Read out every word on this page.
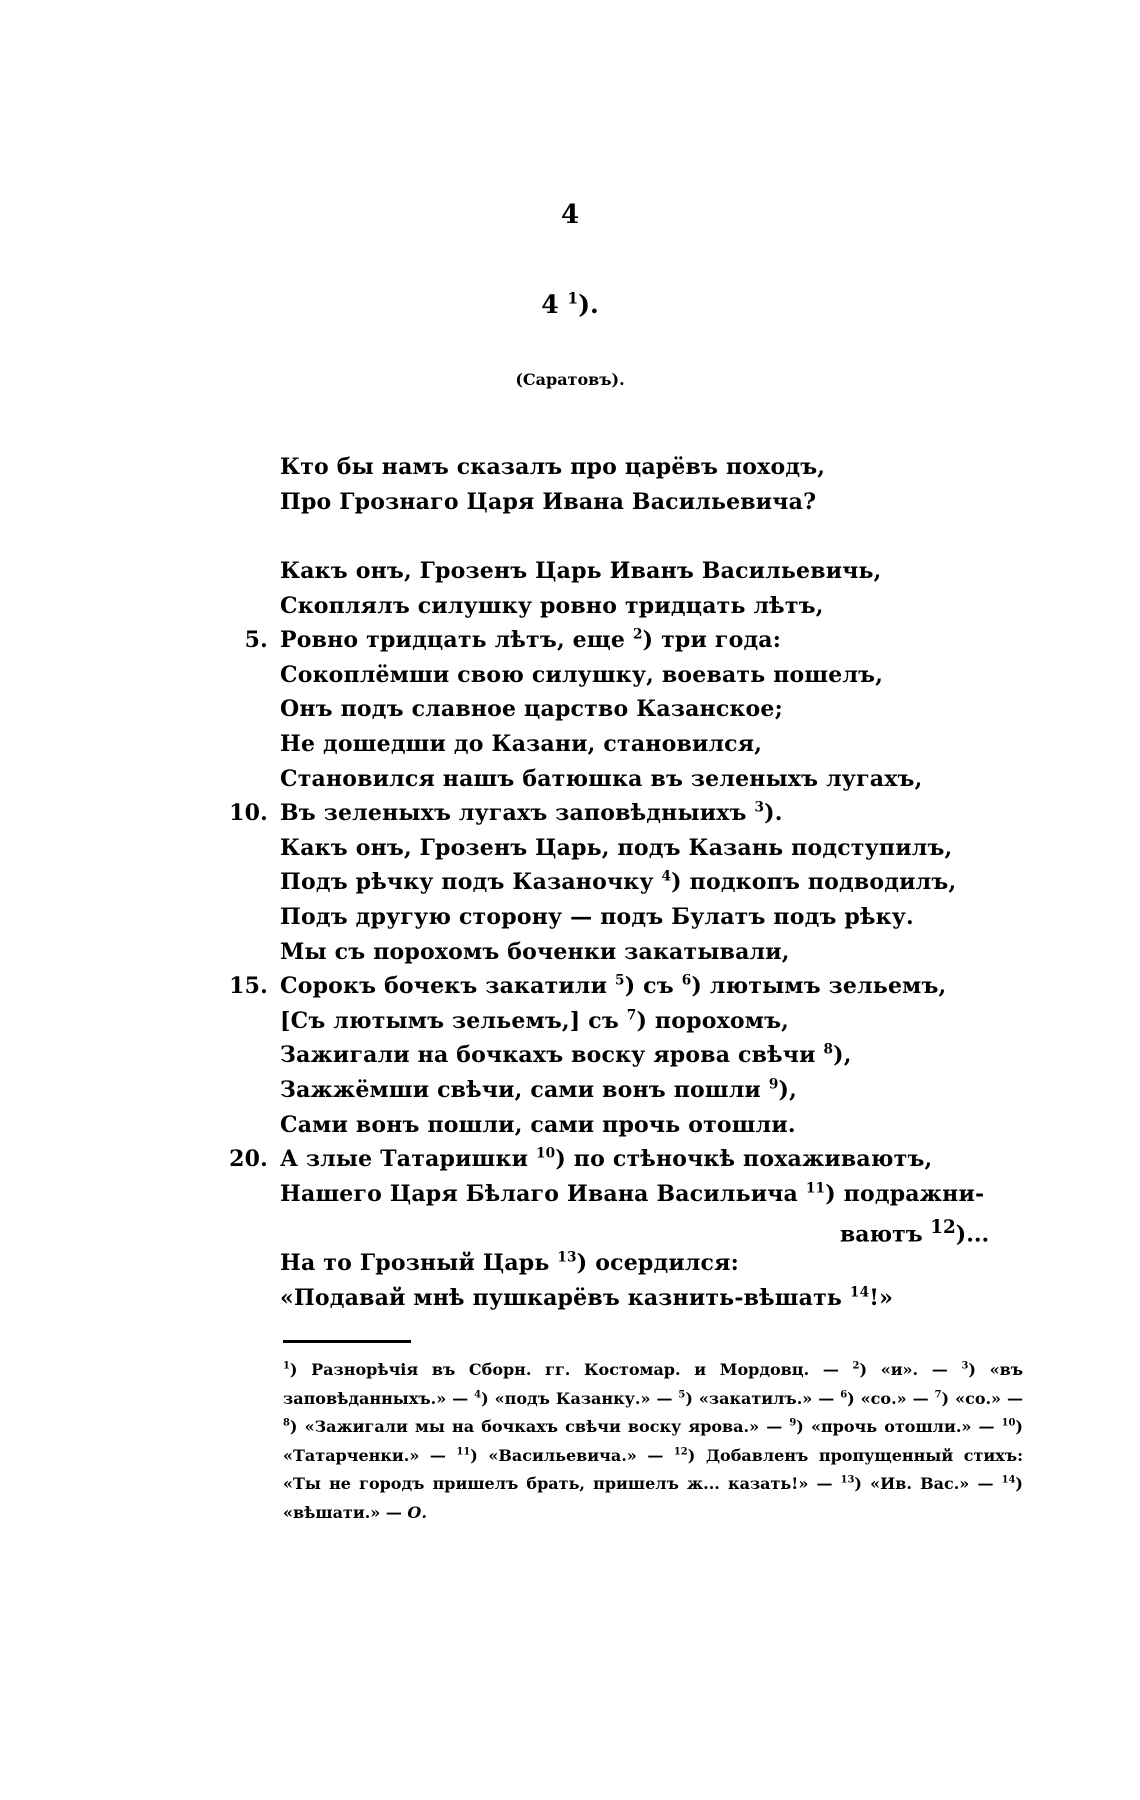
4
4 $^1$).
(Саратовъ).
Кто бы намъ сказалъ про царёвъ походъ,
Про Грознаго Царя Ивана Васильевича?
Какъ онъ, Грозенъ Царь Иванъ Васильевичь,
Скоплялъ силушку ровно тридцать лѣтъ,
5. Ровно тридцать лѣтъ, еще $^2$) три года:
Сокоплёмши свою силушку, воевать пошелъ,
Онъ подъ славное царство Казанское;
Не дошедши до Казани, становился,
Становился нашъ батюшка въ зеленыхъ лугахъ,
10. Въ зеленыхъ лугахъ заповѣдныихъ $^3$).
Какъ онъ, Грозенъ Царь, подъ Казань подступилъ,
Подъ рѣчку подъ Казаночку $^4$) подкопъ подводилъ,
Подъ другую сторону — подъ Булатъ подъ рѣку.
Мы съ порохомъ боченки закатывали,
15. Сорокъ бочекъ закатили $^5$) съ $^6$) лютымъ зельемъ,
[Съ лютымъ зельемъ,] съ $^7$) порохомъ,
Зажигали на бочкахъ воску ярова свѣчи $^8$),
Зажжёмши свѣчи, сами вонъ пошли $^9$),
Сами вонъ пошли, сами прочь отошли.
20. А злые Татаришки $^{10}$) по стѣночкѣ похаживаютъ,
Нашего Царя Бѣлаго Ивана Васильича $^{11}$) подражни-
ваютъ $^{12}$)...
На то Грозный Царь $^{13}$) осердился:
«Подавай мнѣ пушкарёвъ казнить-вѣшать $^{14}$!»
$^1$) Разнорѣчія въ Сборн. гг. Костомар. и Мордовц. — $^2$) «и». — $^3$) «въ заповѣданныхъ.» — $^4$) «подъ Казанку.» — $^5$) «закатилъ.» — $^6$) «со.» — $^7$) «со.» — $^8$) «Зажигали мы на бочкахъ свѣчи воску ярова.» — $^9$) «прочь отошли.» — $^{10}$) «Татарченки.» — $^{11}$) «Васильевича.» — $^{12}$) Добавленъ пропущенный стихъ: «Ты не городъ пришелъ брать, пришелъ ж... казать!» — $^{13}$) «Ив. Вас.» — $^{14}$) «вѣшати.» — О.
